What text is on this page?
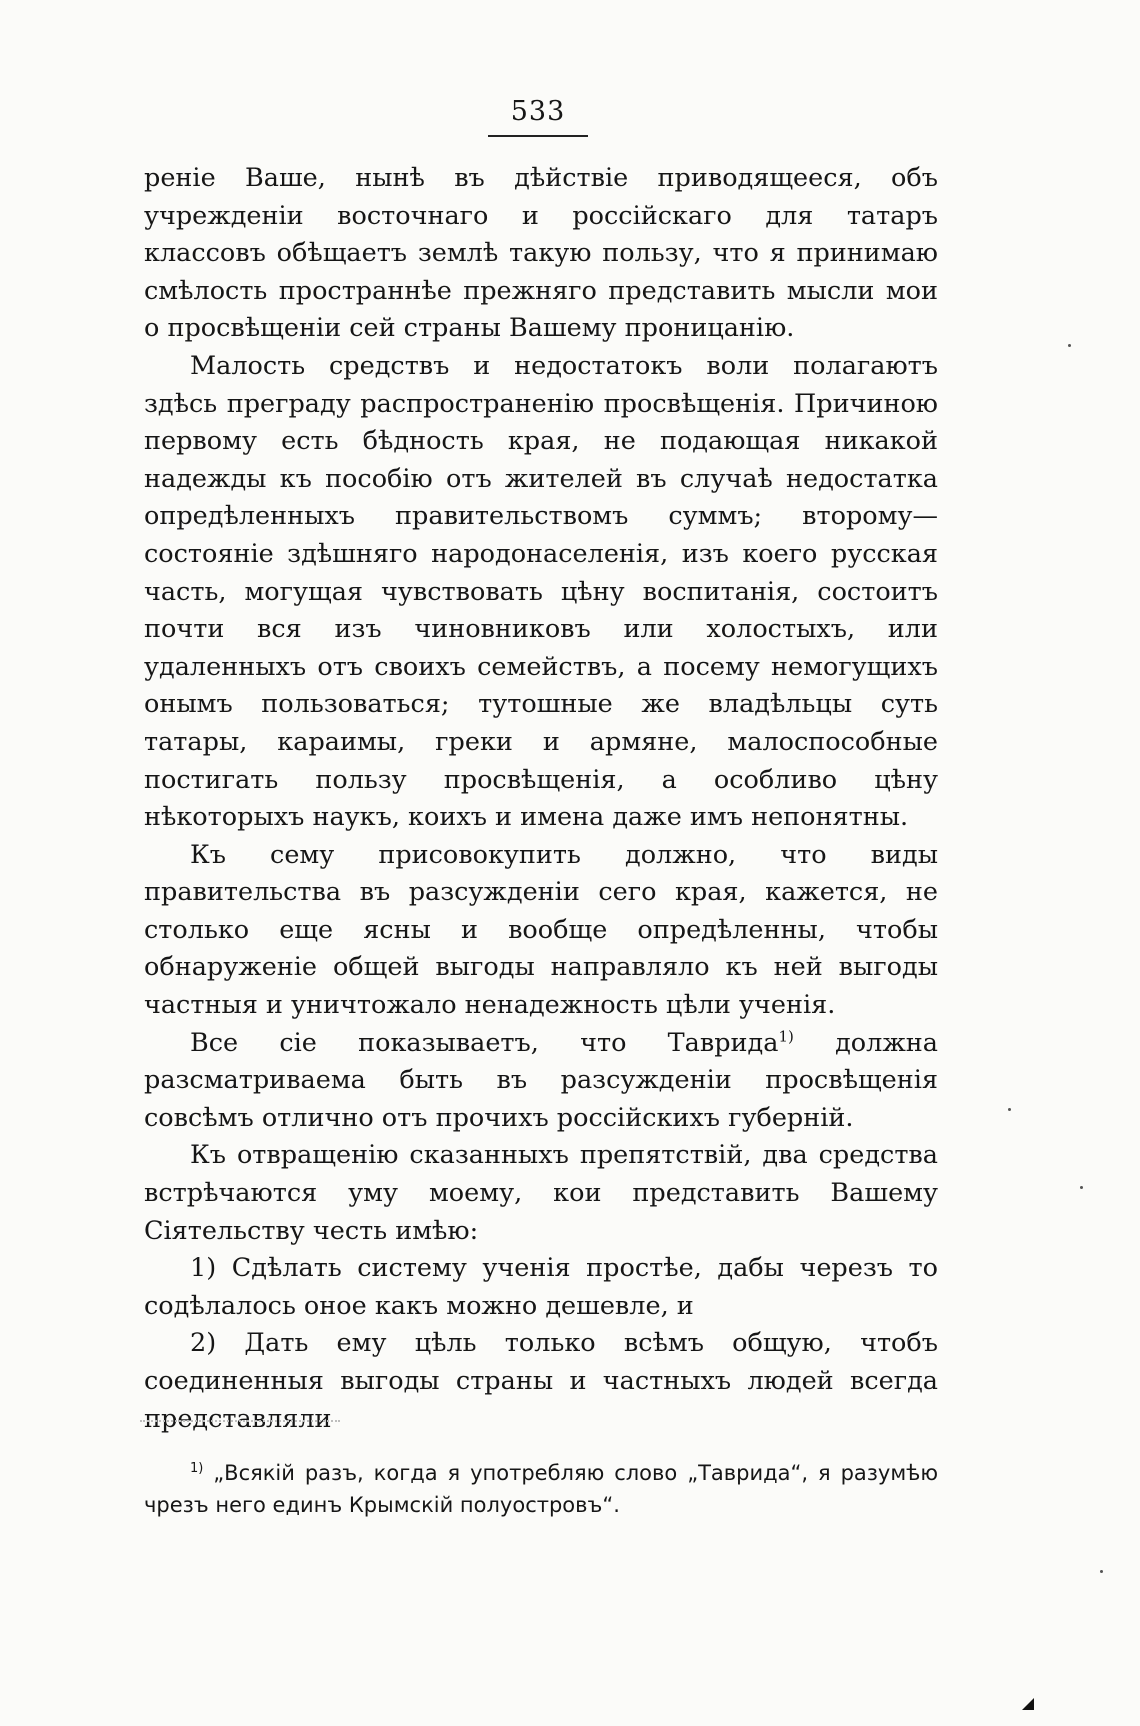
533

реніе Ваше, нынѣ въ дѣйствіе приводящееся, объ учрежденіи восточнаго и россійскаго для татаръ классовъ обѣщаетъ землѣ такую пользу, что я принимаю смѣлость пространнѣе прежняго представить мысли мои о просвѣщеніи сей страны Вашему проницанію.

Малость средствъ и недостатокъ воли полагаютъ здѣсь преграду распространенію просвѣщенія. Причиною первому есть бѣдность края, не подающая никакой надежды къ пособію отъ жителей въ случаѣ недостатка опредѣленныхъ правительствомъ суммъ; второму—состояніе здѣшняго народонаселенія, изъ коего русская часть, могущая чувствовать цѣну воспитанія, состоитъ почти вся изъ чиновниковъ или холостыхъ, или удаленныхъ отъ своихъ семействъ, а посему немогущихъ онымъ пользоваться; тутошные же владѣльцы суть татары, караимы, греки и армяне, малоспособные постигать пользу просвѣщенія, а особливо цѣну нѣкоторыхъ наукъ, коихъ и имена даже имъ непонятны.

Къ сему присовокупить должно, что виды правительства въ разсужденіи сего края, кажется, не столько еще ясны и вообще опредѣленны, чтобы обнаруженіе общей выгоды направляло къ ней выгоды частныя и уничтожало ненадежность цѣли ученія.

Все сіе показываетъ, что Таврида$^{1)}$ должна разсматриваема быть въ разсужденіи просвѣщенія совсѣмъ отлично отъ прочихъ россійскихъ губерній.

Къ отвращенію сказанныхъ препятствій, два средства встрѣчаются уму моему, кои представить Вашему Сіятельству честь имѣю:

1) Сдѣлать систему ученія простѣе, дабы черезъ то содѣлалось оное какъ можно дешевле, и

2) Дать ему цѣль только всѣмъ общую, чтобъ соединенныя выгоды страны и частныхъ людей всегда представляли

$^{1)}$ „Всякій разъ, когда я употребляю слово „Таврида“, я разумѣю чрезъ него единъ Крымскій полуостровъ“.
